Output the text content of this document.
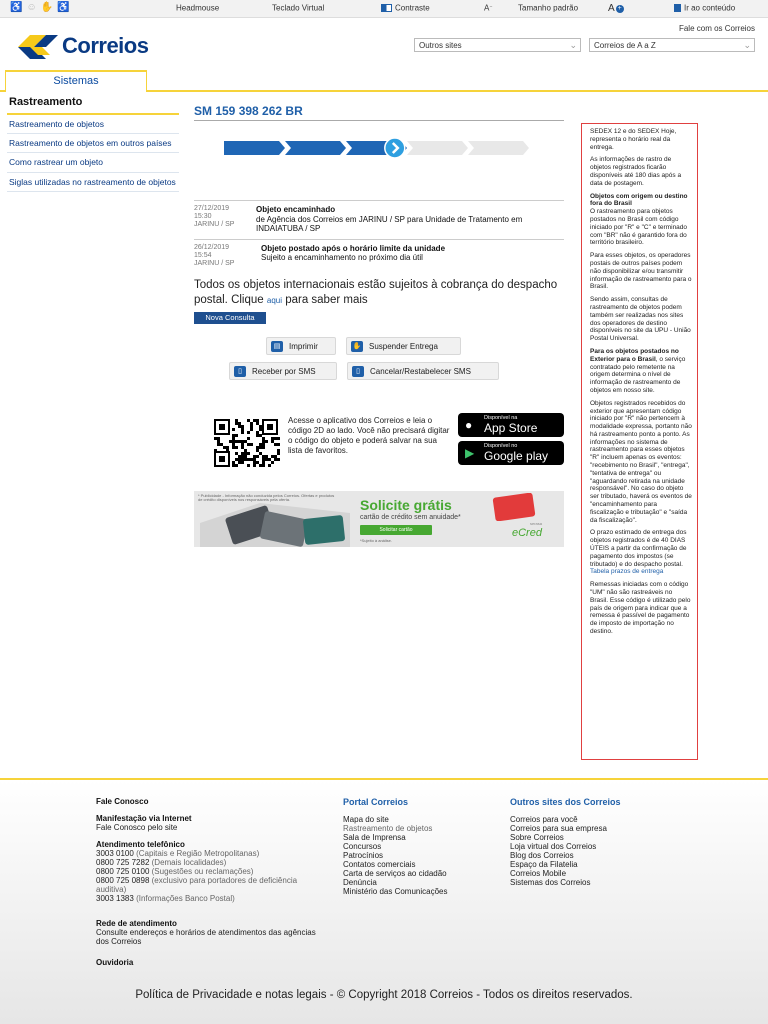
♿ ☺ ✋ ♿	Headmouse	Teclado Virtual	Contraste	A⁻	Tamanho padrão	A +	Ir ao conteúdo
Correios
Fale com os Correios
Outros sites	⌄	Correios de A a Z	⌄
Sistemas
Rastreamento
Rastreamento de objetos
Rastreamento de objetos em outros países
Como rastrear um objeto
Siglas utilizadas no rastreamento de objetos
SM 159 398 262 BR
27/12/2019
15:30
JARINU / SP
Objeto encaminhado
de Agência dos Correios em JARINU / SP para Unidade de Tratamento em INDAIATUBA / SP
26/12/2019
15:54
JARINU / SP
Objeto postado após o horário limite da unidade
Sujeito a encaminhamento no próximo dia útil
Todos os objetos internacionais estão sujeitos à cobrança do despacho postal. Clique aqui para saber mais
Nova Consulta
▤	Imprimir	✋ Suspender Entrega
▯	Receber por SMS	▯	Cancelar/Restabelecer SMS
Acesse o aplicativo dos Correios e leia o código 2D ao lado. Você não precisará digitar o código do objeto e poderá salvar na sua lista de favoritos.
● Disponível na
App Store
▶ Disponível no
Google play
* Publicidade - Informação não conduzida pelos Correios. Ofertas e produtos de crédito disponíveis nos responsáveis pela oferta.	Solicite grátis
cartão de crédito sem anuidade*
Solicitar cartão
*Sujeito à análise.
serasa
eCred

SEDEX 12 e do SEDEX Hoje, representa o horário real da entrega.

As informações de rastro de objetos registrados ficarão disponíveis até 180 dias após a data de postagem.

Objetos com origem ou destino fora do Brasil
O rastreamento para objetos postados no Brasil com código iniciado por "R" e "C" e terminado com "BR" não é garantido fora do território brasileiro.

Para esses objetos, os operadores postais de outros países podem não disponibilizar e/ou transmitir informação de rastreamento para o Brasil.

Sendo assim, consultas de rastreamento de objetos podem também ser realizadas nos sites dos operadores de destino disponíveis no site da UPU - União Postal Universal.

Para os objetos postados no Exterior para o Brasil, o serviço contratado pelo remetente na origem determina o nível de informação de rastreamento de objetos em nosso site.

Objetos registrados recebidos do exterior que apresentam código iniciado por "R" não pertencem à modalidade expressa, portanto não há rastreamento ponto a ponto. As informações no sistema de rastreamento para esses objetos "R" incluem apenas os eventos: "recebimento no Brasil", "entrega", "tentativa de entrega" ou "aguardando retirada na unidade responsável". No caso do objeto ser tributado, haverá os eventos de "encaminhamento para fiscalização e tributação" e "saída da fiscalização".

O prazo estimado de entrega dos objetos registrados é de 40 DIAS ÚTEIS a partir da confirmação de pagamento dos impostos (se tributado) e do despacho postal. Tabela prazos de entrega

Remessas iniciadas com o código "UM" não são rastreáveis no Brasil. Esse código é utilizado pelo país de origem para indicar que a remessa é passível de pagamento de imposto de importação no destino.

Fale Conosco
Manifestação via Internet
Fale Conosco pelo site
Atendimento telefônico
3003 0100 (Capitais e Região Metropolitanas)
0800 725 7282 (Demais localidades)
0800 725 0100 (Sugestões ou reclamações)
0800 725 0898 (exclusivo para portadores de deficiência auditiva)
3003 1383 (Informações Banco Postal)
Rede de atendimento
Consulte endereços e horários de atendimentos das agências dos Correios
Ouvidoria
Portal Correios
Mapa do site
Rastreamento de objetos
Sala de Imprensa
Concursos
Patrocínios
Contatos comerciais
Carta de serviços ao cidadão
Denúncia
Ministério das Comunicações
Outros sites dos Correios
Correios para você
Correios para sua empresa
Sobre Correios
Loja virtual dos Correios
Blog dos Correios
Espaço da Filatelia
Correios Mobile
Sistemas dos Correios
Política de Privacidade e notas legais - © Copyright 2018 Correios - Todos os direitos reservados.
